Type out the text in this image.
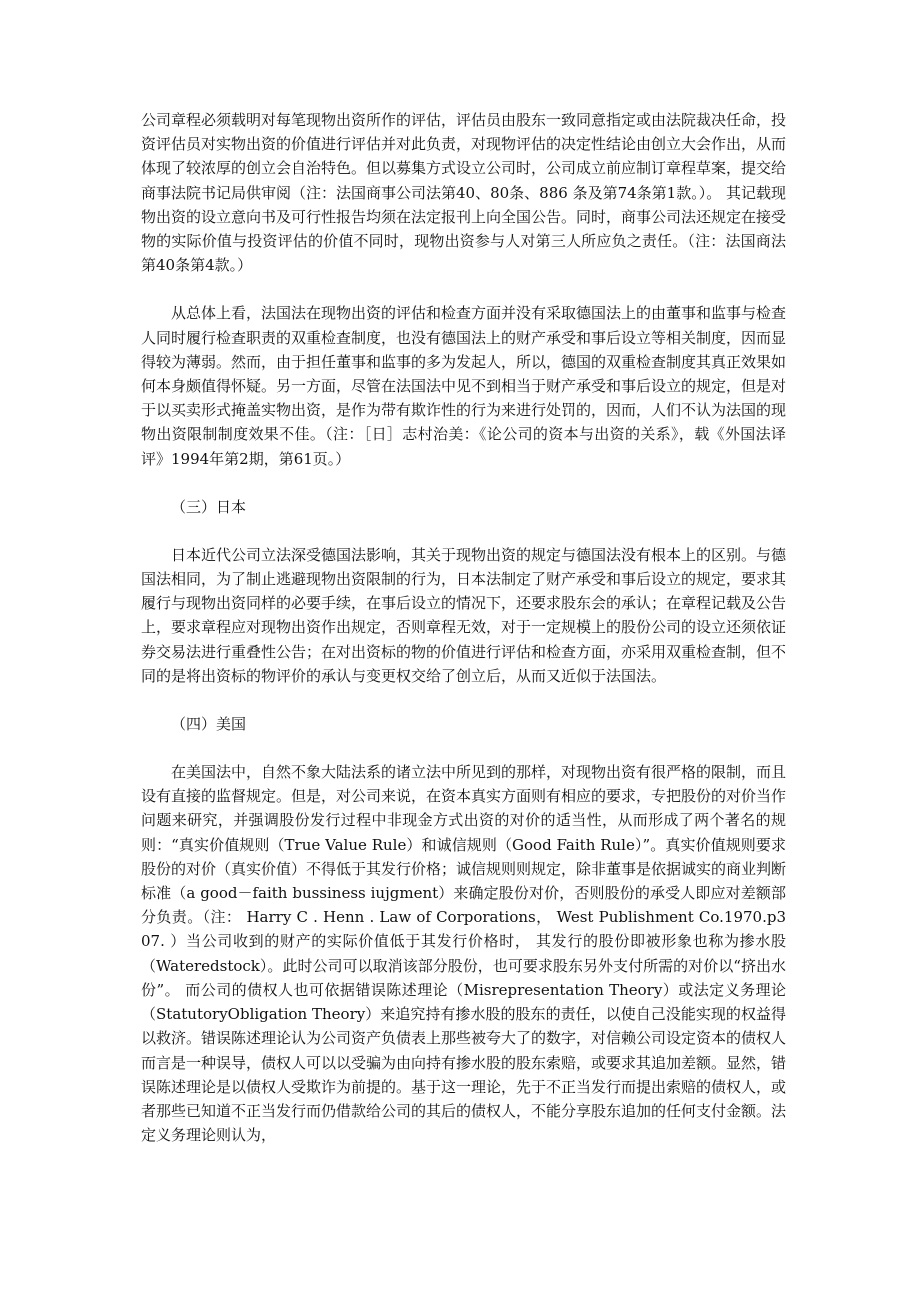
公司章程必须载明对每笔现物出资所作的评估，评估员由股东一致同意指定或由法院裁决任命，投资评估员对实物出资的价值进行评估并对此负责，对现物评估的决定性结论由创立大会作出，从而体现了较浓厚的创立会自治特色。但以募集方式设立公司时，公司成立前应制订章程草案，提交给商事法院书记局供审阅（注：法国商事公司法第40、80条、886 条及第74条第1款。）。 其记载现物出资的设立意向书及可行性报告均须在法定报刊上向全国公告。同时，商事公司法还规定在接受物的实际价值与投资评估的价值不同时，现物出资参与人对第三人所应负之责任。（注：法国商法第40条第4款。）

从总体上看，法国法在现物出资的评估和检查方面并没有采取德国法上的由董事和监事与检查人同时履行检查职责的双重检查制度，也没有德国法上的财产承受和事后设立等相关制度，因而显得较为薄弱。然而，由于担任董事和监事的多为发起人，所以，德国的双重检查制度其真正效果如何本身颇值得怀疑。另一方面，尽管在法国法中见不到相当于财产承受和事后设立的规定，但是对于以买卖形式掩盖实物出资，是作为带有欺诈性的行为来进行处罚的，因而，人们不认为法国的现物出资限制制度效果不佳。（注：［日］志村治美：《论公司的资本与出资的关系》，载《外国法译评》1994年第2期，第61页。）

（三）日本

日本近代公司立法深受德国法影响，其关于现物出资的规定与德国法没有根本上的区别。与德国法相同，为了制止逃避现物出资限制的行为，日本法制定了财产承受和事后设立的规定，要求其履行与现物出资同样的必要手续，在事后设立的情况下，还要求股东会的承认；在章程记载及公告上，要求章程应对现物出资作出规定，否则章程无效，对于一定规模上的股份公司的设立还须依证券交易法进行重叠性公告；在对出资标的物的价值进行评估和检查方面，亦采用双重检查制，但不同的是将出资标的物评价的承认与变更权交给了创立后，从而又近似于法国法。

（四）美国

在美国法中，自然不象大陆法系的诸立法中所见到的那样，对现物出资有很严格的限制，而且设有直接的监督规定。但是，对公司来说，在资本真实方面则有相应的要求，专把股份的对价当作问题来研究，并强调股份发行过程中非现金方式出资的对价的适当性，从而形成了两个著名的规则：“真实价值规则（True Value Rule）和诚信规则（Good Faith Rule）”。真实价值规则要求股份的对价（真实价值）不得低于其发行价格；诚信规则则规定，除非董事是依据诚实的商业判断标准（a good－faith bussiness iujgment）来确定股份对价，否则股份的承受人即应对差额部分负责。（注： Harry C . Henn . Law of Corporations， West Publishment Co.1970.p307. ）当公司收到的财产的实际价值低于其发行价格时， 其发行的股份即被形象也称为掺水股（Wateredstock）。此时公司可以取消该部分股份，也可要求股东另外支付所需的对价以“挤出水份”。 而公司的债权人也可依据错误陈述理论（Misrepresentation Theory）或法定义务理论（StatutoryObligation Theory）来追究持有掺水股的股东的责任，以使自己没能实现的权益得以救济。错误陈述理论认为公司资产负债表上那些被夸大了的数字，对信赖公司设定资本的债权人而言是一种误导，债权人可以以受骗为由向持有掺水股的股东索赔，或要求其追加差额。显然，错误陈述理论是以债权人受欺诈为前提的。基于这一理论，先于不正当发行而提出索赔的债权人，或者那些已知道不正当发行而仍借款给公司的其后的债权人，不能分享股东追加的任何支付金额。法定义务理论则认为，
